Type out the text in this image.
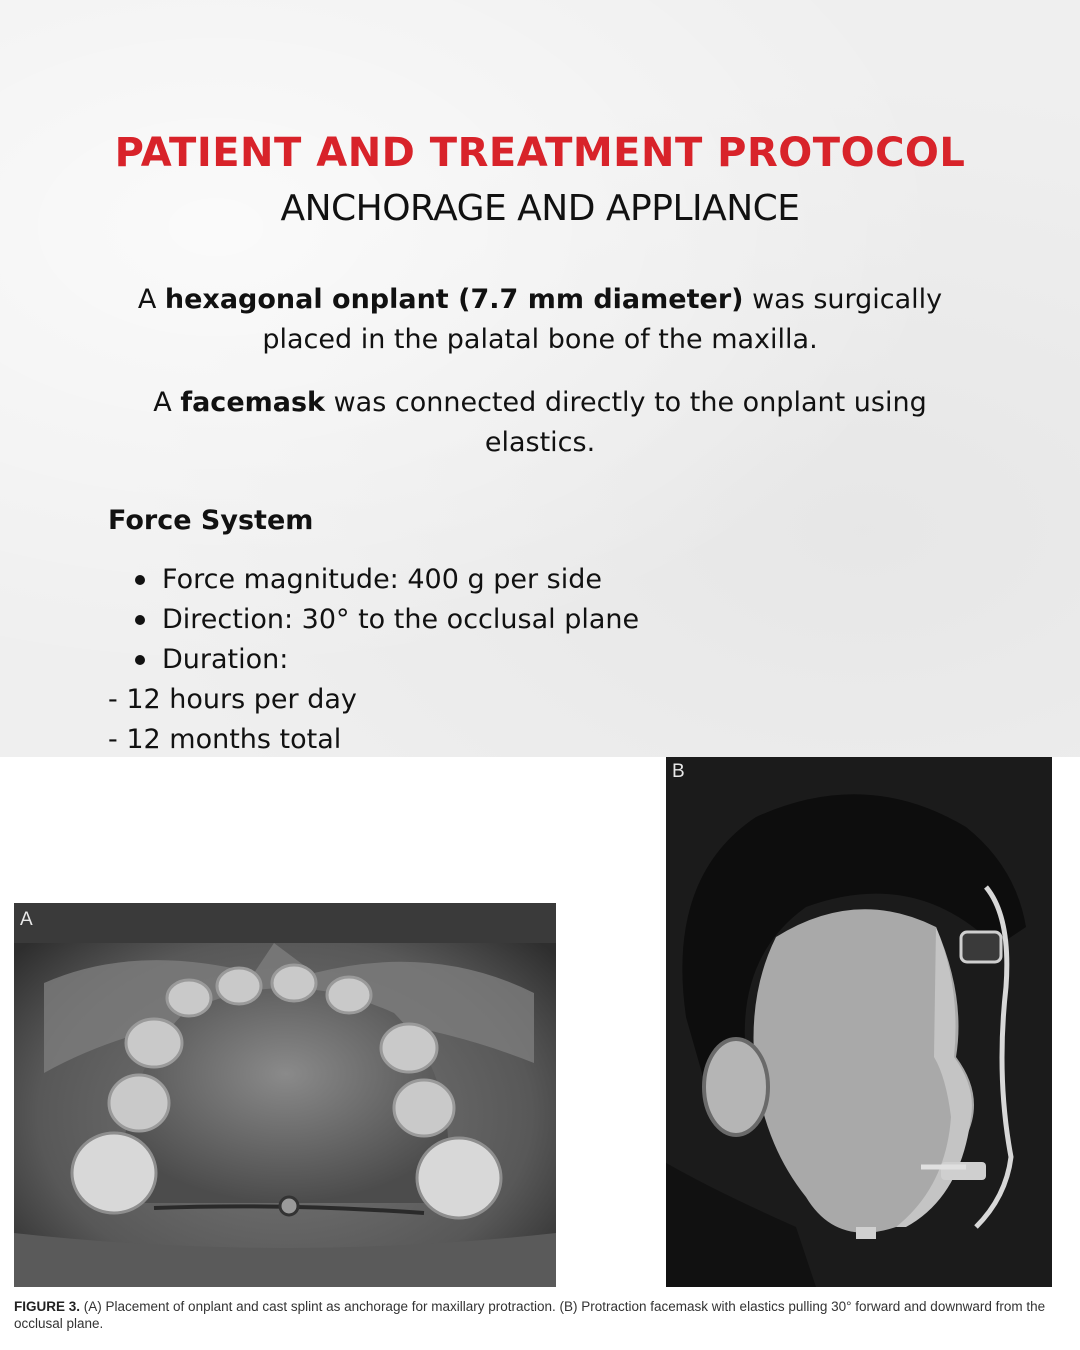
PATIENT AND TREATMENT PROTOCOL
ANCHORAGE AND APPLIANCE

A hexagonal onplant (7.7 mm diameter) was surgically placed in the palatal bone of the maxilla.

A facemask was connected directly to the onplant using elastics.

Force System
Force magnitude: 400 g per side
Direction: 30° to the occlusal plane
Duration:
- 12 hours per day
- 12 months total
A
B
FIGURE 3. (A) Placement of onplant and cast splint as anchorage for maxillary protraction. (B) Protraction facemask with elastics pulling 30° forward and downward from the occlusal plane.
